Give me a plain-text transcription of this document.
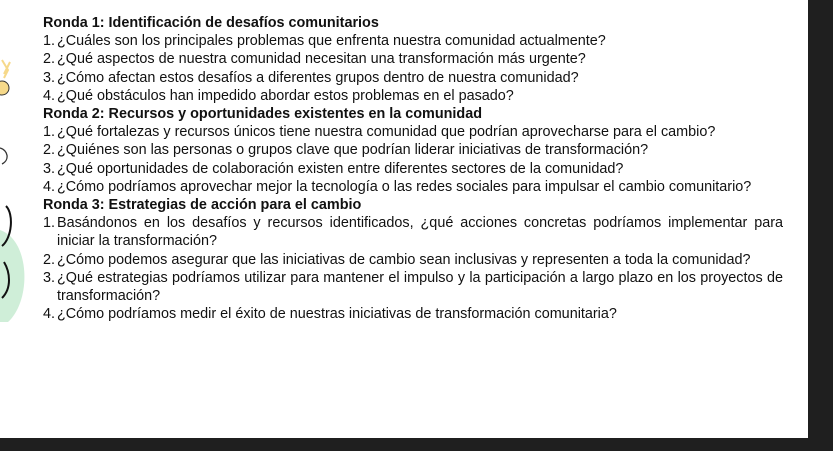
Ronda 1: Identificación de desafíos comunitarios
1. ¿Cuáles son los principales problemas que enfrenta nuestra comunidad actualmente?
2. ¿Qué aspectos de nuestra comunidad necesitan una transformación más urgente?
3. ¿Cómo afectan estos desafíos a diferentes grupos dentro de nuestra comunidad?
4. ¿Qué obstáculos han impedido abordar estos problemas en el pasado?
Ronda 2: Recursos y oportunidades existentes en la comunidad
1. ¿Qué fortalezas y recursos únicos tiene nuestra comunidad que podrían aprovecharse para el cambio?
2. ¿Quiénes son las personas o grupos clave que podrían liderar iniciativas de transformación?
3. ¿Qué oportunidades de colaboración existen entre diferentes sectores de la comunidad?
4. ¿Cómo podríamos aprovechar mejor la tecnología o las redes sociales para impulsar el cambio comunitario?
Ronda 3: Estrategias de acción para el cambio
1. Basándonos en los desafíos y recursos identificados, ¿qué acciones concretas podríamos implementar para iniciar la transformación?
2. ¿Cómo podemos asegurar que las iniciativas de cambio sean inclusivas y representen a toda la comunidad?
3. ¿Qué estrategias podríamos utilizar para mantener el impulso y la participación a largo plazo en los proyectos de transformación?
4. ¿Cómo podríamos medir el éxito de nuestras iniciativas de transformación comunitaria?
